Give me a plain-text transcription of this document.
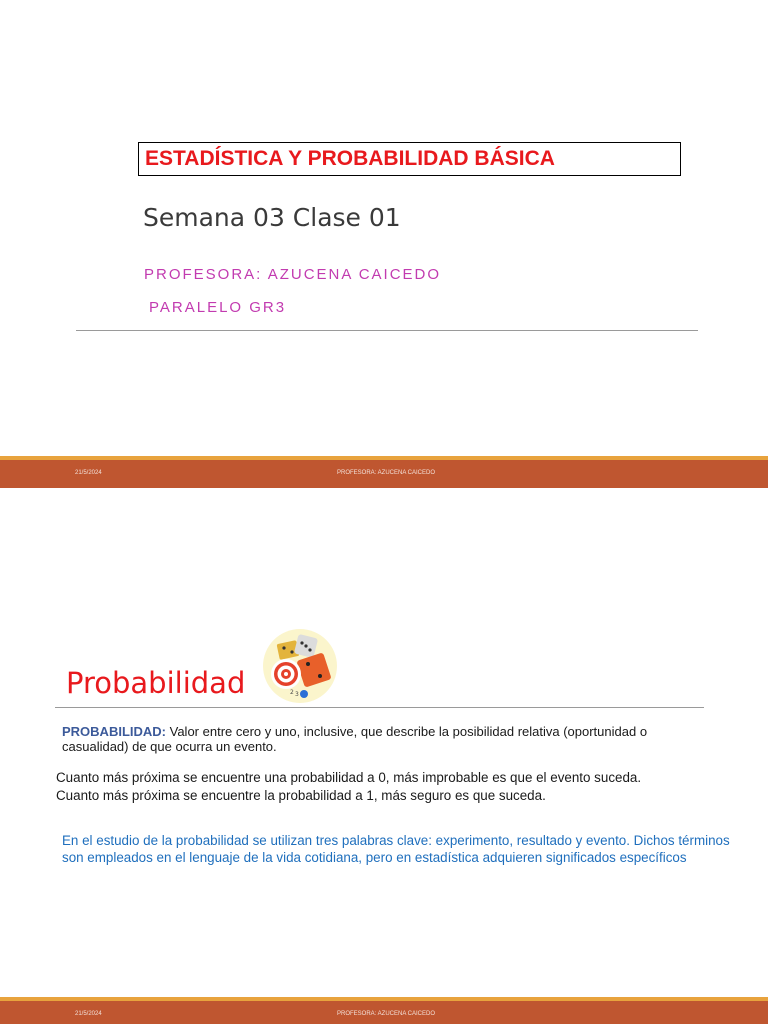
ESTADÍSTICA Y PROBABILIDAD BÁSICA
Semana 03 Clase 01
PROFESORA: AZUCENA CAICEDO
PARALELO GR3
21/5/2024	PROFESORA: AZUCENA CAICEDO
Probabilidad	2 3
PROBABILIDAD: Valor entre cero y uno, inclusive, que describe la posibilidad relativa (oportunidad o casualidad) de que ocurra un evento.
Cuanto más próxima se encuentre una probabilidad a 0, más improbable es que el evento suceda. Cuanto más próxima se encuentre la probabilidad a 1, más seguro es que suceda.
En el estudio de la probabilidad se utilizan tres palabras clave: experimento, resultado y evento. Dichos términos son empleados en el lenguaje de la vida cotidiana, pero en estadística adquieren significados específicos
21/5/2024	PROFESORA: AZUCENA CAICEDO
